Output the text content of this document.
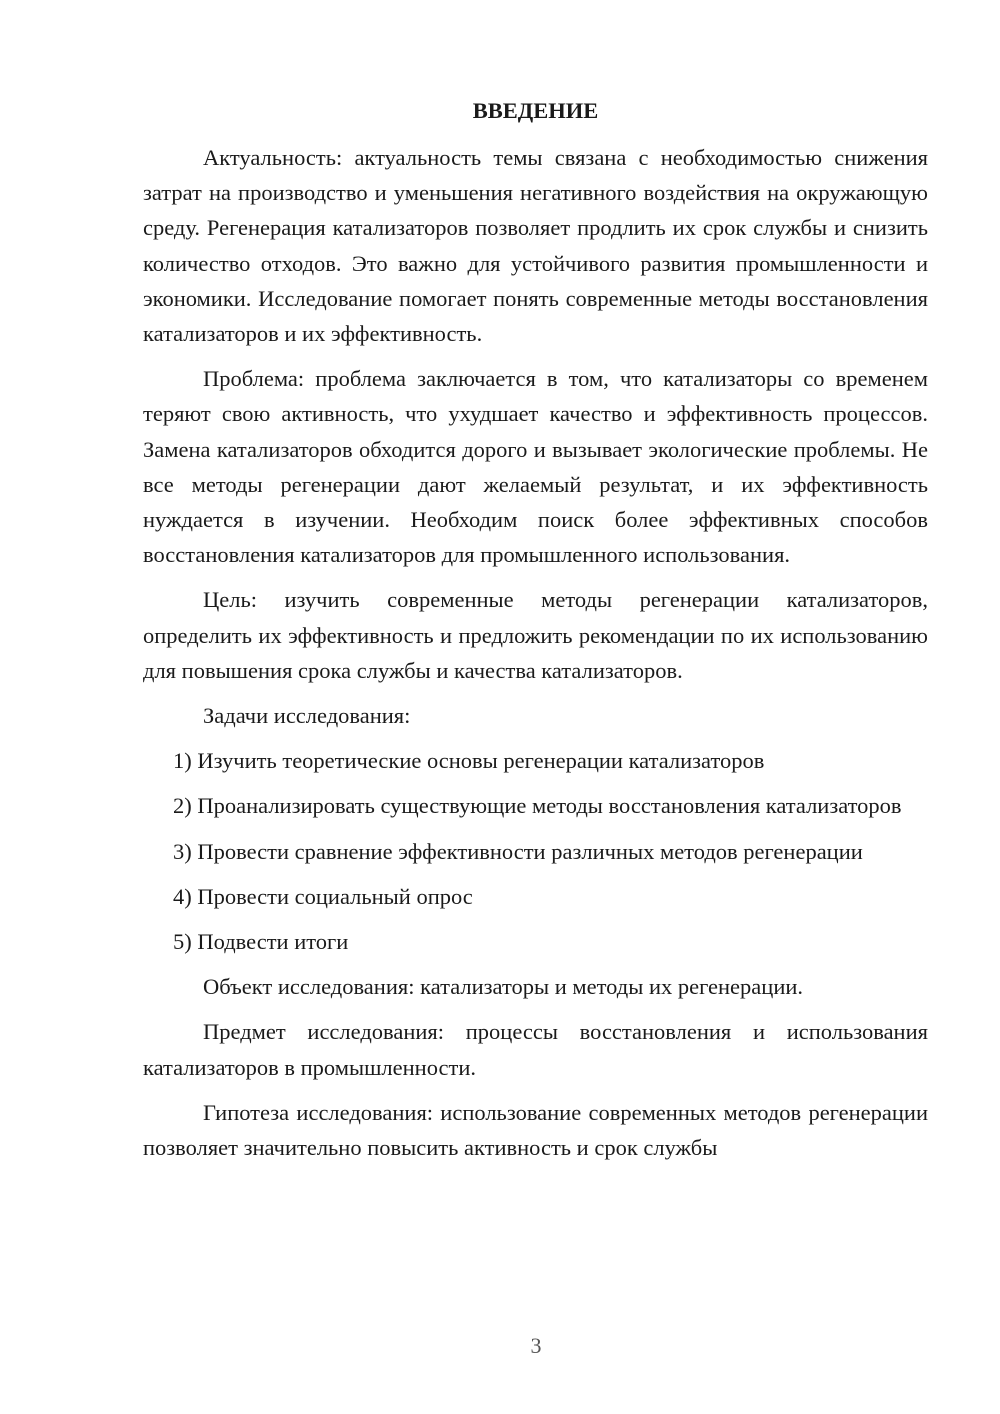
ВВЕДЕНИЕ

Актуальность: актуальность темы связана с необходимостью снижения затрат на производство и уменьшения негативного воздействия на окружающую среду. Регенерация катализаторов позволяет продлить их срок службы и снизить количество отходов. Это важно для устойчивого развития промышленности и экономики. Исследование помогает понять современные методы восстановления катализаторов и их эффективность.

Проблема: проблема заключается в том, что катализаторы со временем теряют свою активность, что ухудшает качество и эффективность процессов. Замена катализаторов обходится дорого и вызывает экологические проблемы. Не все методы регенерации дают желаемый результат, и их эффективность нуждается в изучении. Необходим поиск более эффективных способов восстановления катализаторов для промышленного использования.

Цель: изучить современные методы регенерации катализаторов, определить их эффективность и предложить рекомендации по их использованию для повышения срока службы и качества катализаторов.

Задачи исследования:

1) Изучить теоретические основы регенерации катализаторов

2) Проанализировать существующие методы восстановления катализаторов

3) Провести сравнение эффективности различных методов регенерации

4) Провести социальный опрос

5) Подвести итоги

Объект исследования: катализаторы и методы их регенерации.

Предмет исследования: процессы восстановления и использования катализаторов в промышленности.

Гипотеза исследования: использование современных методов регенерации позволяет значительно повысить активность и срок службы

3
